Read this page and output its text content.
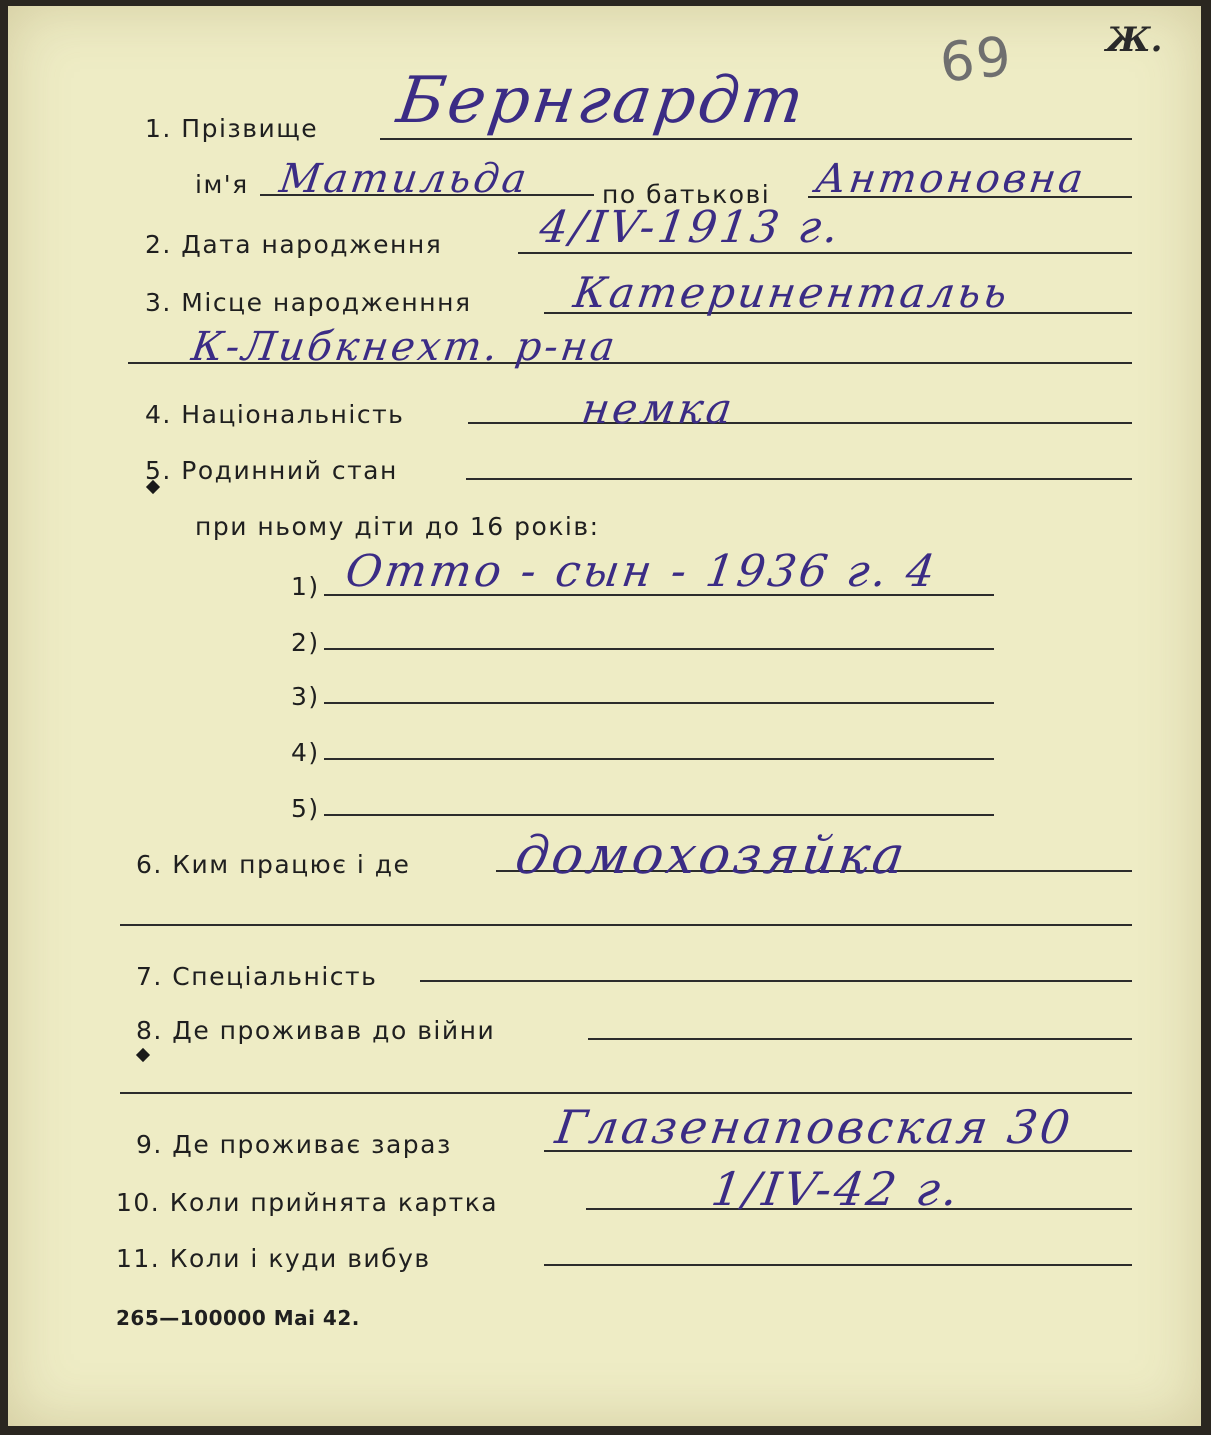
69	Ж.
1. Прізвище Бернгардт
ім'я Матильда	по батькові Антоновна
2. Дата народження 4/IV-1913 г.
3. Місце народженння Катеринентальь
К-Либкнехт. р-на
4. Національність	немка
5. Родинний стан
при ньому діти до 16 років:
1) Отто - сын - 1936 г. 4
2)
3)
4)
5)
6. Ким працює і де домохозяйка
7. Спеціальність
8. Де проживав до війни
9. Де проживає зараз Глазенаповская 30
10. Коли прийнята картка	1/IV-42 г.
11. Коли і куди вибув
265—100000 Mai 42.
